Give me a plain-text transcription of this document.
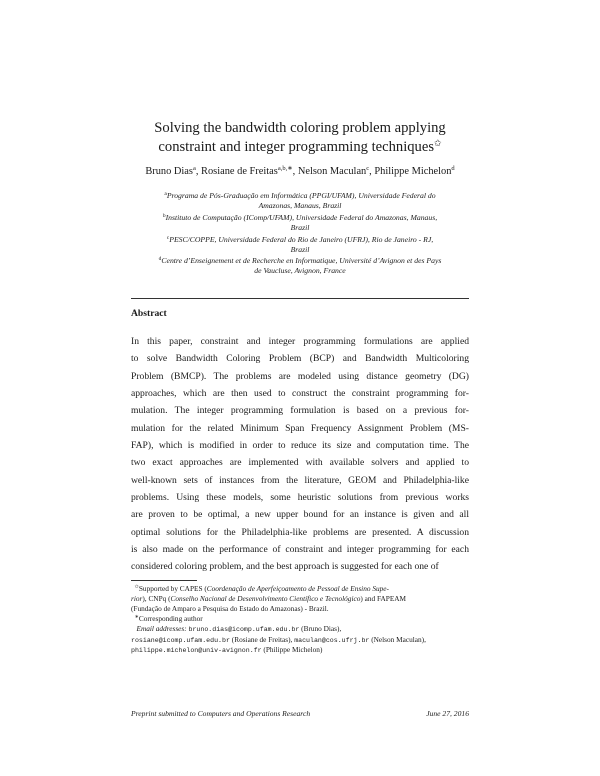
Solving the bandwidth coloring problem applying
constraint and integer programming techniques✩
Bruno Dias$^a$, Rosiane de Freitas$^{a,b,∗}$, Nelson Maculan$^c$, Philippe Michelon$^d$
$^a$Programa de Pós-Graduação em Informática (PPGI/UFAM), Universidade Federal do
Amazonas, Manaus, Brazil
$^b$Instituto de Computação (IComp/UFAM), Universidade Federal do Amazonas, Manaus,
Brazil
$^c$PESC/COPPE, Universidade Federal do Rio de Janeiro (UFRJ), Rio de Janeiro - RJ,
Brazil
$^d$Centre d’Enseignement et de Recherche en Informatique, Université d’Avignon et des Pays
de Vaucluse, Avignon, France
Abstract
In this paper, constraint and integer programming formulations are applied
to solve Bandwidth Coloring Problem (BCP) and Bandwidth Multicoloring
Problem (BMCP). The problems are modeled using distance geometry (DG)
approaches, which are then used to construct the constraint programming for-
mulation. The integer programming formulation is based on a previous for-
mulation for the related Minimum Span Frequency Assignment Problem (MS-
FAP), which is modified in order to reduce its size and computation time. The
two exact approaches are implemented with available solvers and applied to
well-known sets of instances from the literature, GEOM and Philadelphia-like
problems. Using these models, some heuristic solutions from previous works
are proven to be optimal, a new upper bound for an instance is given and all
optimal solutions for the Philadelphia-like problems are presented. A discussion
is also made on the performance of constraint and integer programming for each
considered coloring problem, and the best approach is suggested for each one of
✩Supported by CAPES (Coordenação de Aperfeiçoamento de Pessoal de Ensino Supe-
rior), CNPq (Conselho Nacional de Desenvolvimento Científico e Tecnológico) and FAPEAM
(Fundação de Amparo a Pesquisa do Estado do Amazonas) - Brazil.
∗Corresponding author
Email addresses: bruno.dias@icomp.ufam.edu.br (Bruno Dias),
rosiane@icomp.ufam.edu.br (Rosiane de Freitas), maculan@cos.ufrj.br (Nelson Maculan),
philippe.michelon@univ-avignon.fr (Philippe Michelon)
Preprint submitted to Computers and Operations Research	June 27, 2016
